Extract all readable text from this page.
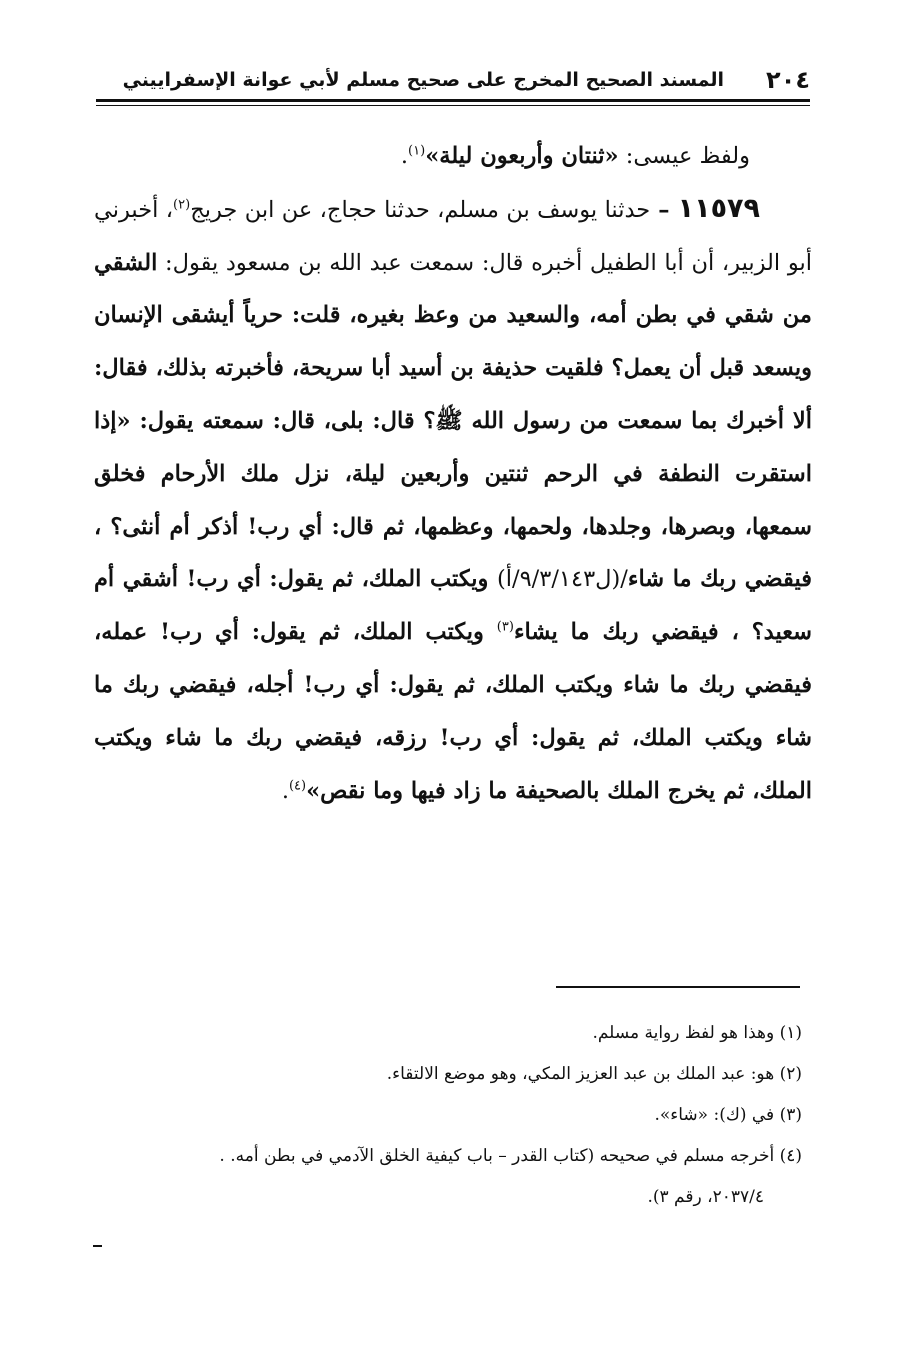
٢٠٤
المسند الصحيح المخرج على صحيح مسلم لأبي عوانة الإسفراييني

ولفظ عيسى: «ثنتان وأربعون ليلة»$^{(١)}$.

١١٥٧٩ – حدثنا يوسف بن مسلم، حدثنا حجاج، عن ابن جريج$^{(٢)}$، أخبرني أبو الزبير، أن أبا الطفيل أخبره قال: سمعت عبد الله بن مسعود يقول: الشقي من شقي في بطن أمه، والسعيد من وعظ بغيره، قلت: حرياً أيشقى الإنسان ويسعد قبل أن يعمل؟ فلقيت حذيفة بن أسيد أبا سريحة، فأخبرته بذلك، فقال: ألا أخبرك بما سمعت من رسول الله ﷺ؟ قال: بلى، قال: سمعته يقول: «إذا استقرت النطفة في الرحم ثنتين وأربعين ليلة، نزل ملك الأرحام فخلق سمعها، وبصرها، وجلدها، ولحمها، وعظمها، ثم قال: أي رب! أذكر أم أنثى؟ ، فيقضي ربك ما شاء/(ل٩/٣/١٤٣/أ) ويكتب الملك، ثم يقول: أي رب! أشقي أم سعيد؟ ، فيقضي ربك ما يشاء$^{(٣)}$ ويكتب الملك، ثم يقول: أي رب! عمله، فيقضي ربك ما شاء ويكتب الملك، ثم يقول: أي رب! أجله، فيقضي ربك ما شاء ويكتب الملك، ثم يقول: أي رب! رزقه، فيقضي ربك ما شاء ويكتب الملك، ثم يخرج الملك بالصحيفة ما زاد فيها وما نقص»$^{(٤)}$.

(١) وهذا هو لفظ رواية مسلم.

(٢) هو: عبد الملك بن عبد العزيز المكي، وهو موضع الالتقاء.

(٣) في (ك): «شاء».

(٤) أخرجه مسلم في صحيحه (كتاب القدر – باب كيفية الخلق الآدمي في بطن أمه. .

٢٠٣٧/٤، رقم ٣).
